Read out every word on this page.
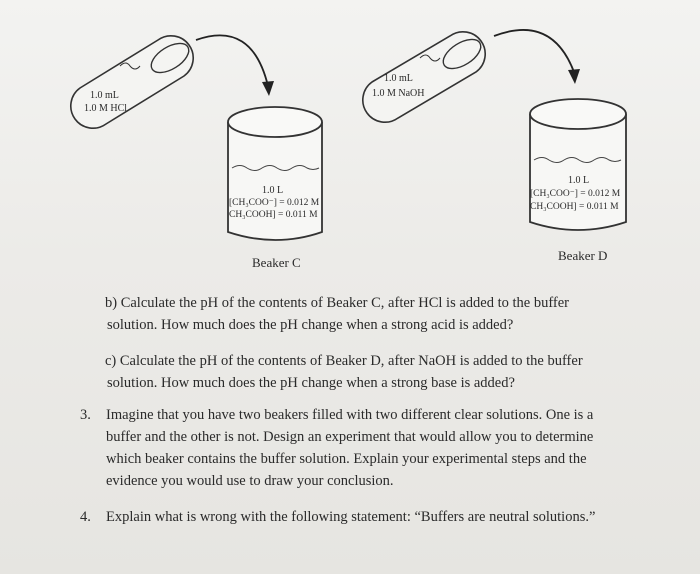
1.0 mL
1.0 M HCl
1.0 L
[CH₃COO⁻] = 0.012 M
CH₃COOH] = 0.011 M
1.0 mL
1.0 M NaOH
1.0 L
[CH₃COO⁻] = 0.012 M
CH₃COOH] = 0.011 M
Beaker C	Beaker D
b) Calculate the pH of the contents of Beaker C, after HCl is added to the buffer
solution. How much does the pH change when a strong acid is added?
c) Calculate the pH of the contents of Beaker D, after NaOH is added to the buffer
solution. How much does the pH change when a strong base is added?
3. Imagine that you have two beakers filled with two different clear solutions. One is a
buffer and the other is not. Design an experiment that would allow you to determine
which beaker contains the buffer solution. Explain your experimental steps and the
evidence you would use to draw your conclusion.
4. Explain what is wrong with the following statement: “Buffers are neutral solutions.”
